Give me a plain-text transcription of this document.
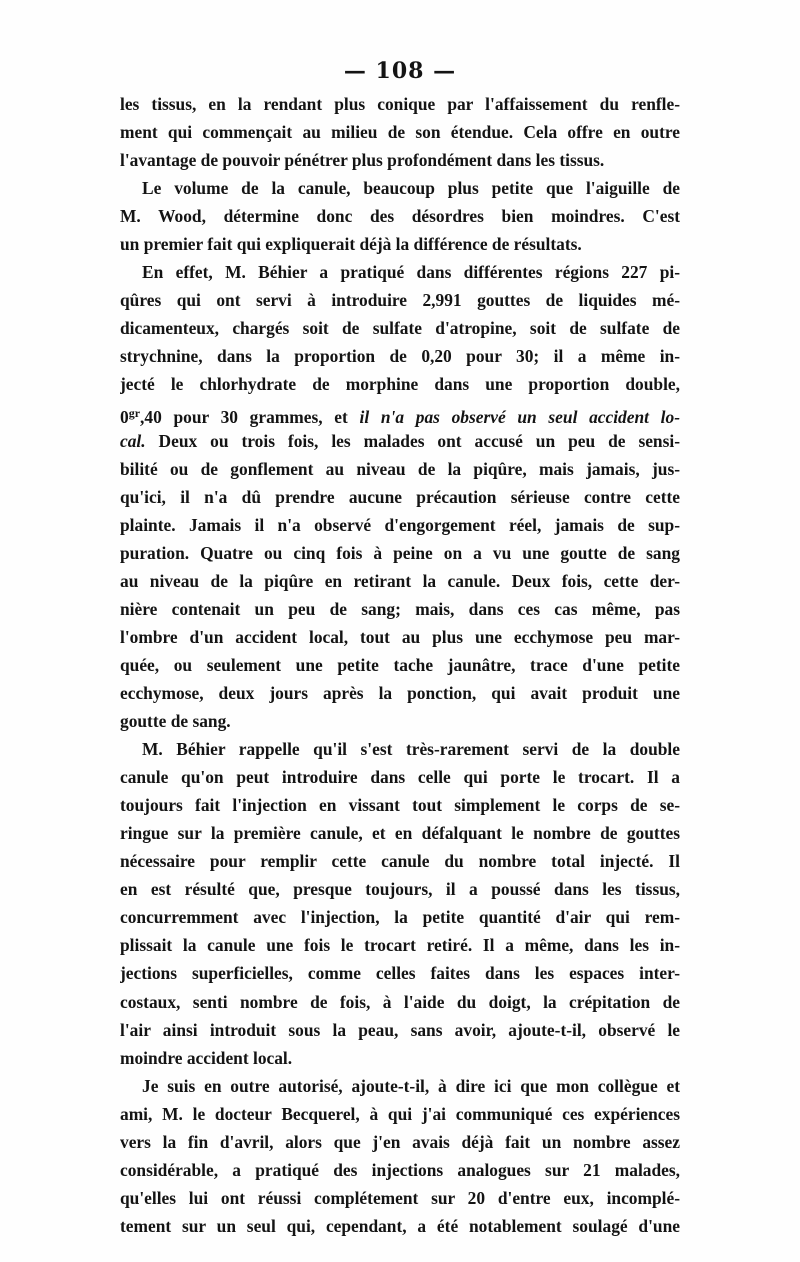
— 108 —
les tissus, en la rendant plus conique par l'affaissement du renfle-
ment qui commençait au milieu de son étendue. Cela offre en outre
l'avantage de pouvoir pénétrer plus profondément dans les tissus.
Le volume de la canule, beaucoup plus petite que l'aiguille de
M. Wood, détermine donc des désordres bien moindres. C'est
un premier fait qui expliquerait déjà la différence de résultats.
En effet, M. Béhier a pratiqué dans différentes régions 227 pi-
qûres qui ont servi à introduire 2,991 gouttes de liquides mé-
dicamenteux, chargés soit de sulfate d'atropine, soit de sulfate de
strychnine, dans la proportion de 0,20 pour 30; il a même in-
jecté le chlorhydrate de morphine dans une proportion double,
$0^{gr},40$ pour 30 grammes, et il n'a pas observé un seul accident lo-
cal. Deux ou trois fois, les malades ont accusé un peu de sensi-
bilité ou de gonflement au niveau de la piqûre, mais jamais, jus-
qu'ici, il n'a dû prendre aucune précaution sérieuse contre cette
plainte. Jamais il n'a observé d'engorgement réel, jamais de sup-
puration. Quatre ou cinq fois à peine on a vu une goutte de sang
au niveau de la piqûre en retirant la canule. Deux fois, cette der-
nière contenait un peu de sang; mais, dans ces cas même, pas
l'ombre d'un accident local, tout au plus une ecchymose peu mar-
quée, ou seulement une petite tache jaunâtre, trace d'une petite
ecchymose, deux jours après la ponction, qui avait produit une
goutte de sang.
M. Béhier rappelle qu'il s'est très-rarement servi de la double
canule qu'on peut introduire dans celle qui porte le trocart. Il a
toujours fait l'injection en vissant tout simplement le corps de se-
ringue sur la première canule, et en défalquant le nombre de gouttes
nécessaire pour remplir cette canule du nombre total injecté. Il
en est résulté que, presque toujours, il a poussé dans les tissus,
concurremment avec l'injection, la petite quantité d'air qui rem-
plissait la canule une fois le trocart retiré. Il a même, dans les in-
jections superficielles, comme celles faites dans les espaces inter-
costaux, senti nombre de fois, à l'aide du doigt, la crépitation de
l'air ainsi introduit sous la peau, sans avoir, ajoute-t-il, observé le
moindre accident local.
Je suis en outre autorisé, ajoute-t-il, à dire ici que mon collègue et
ami, M. le docteur Becquerel, à qui j'ai communiqué ces expériences
vers la fin d'avril, alors que j'en avais déjà fait un nombre assez
considérable, a pratiqué des injections analogues sur 21 malades,
qu'elles lui ont réussi complétement sur 20 d'entre eux, incomplé-
tement sur un seul qui, cependant, a été notablement soulagé d'une
